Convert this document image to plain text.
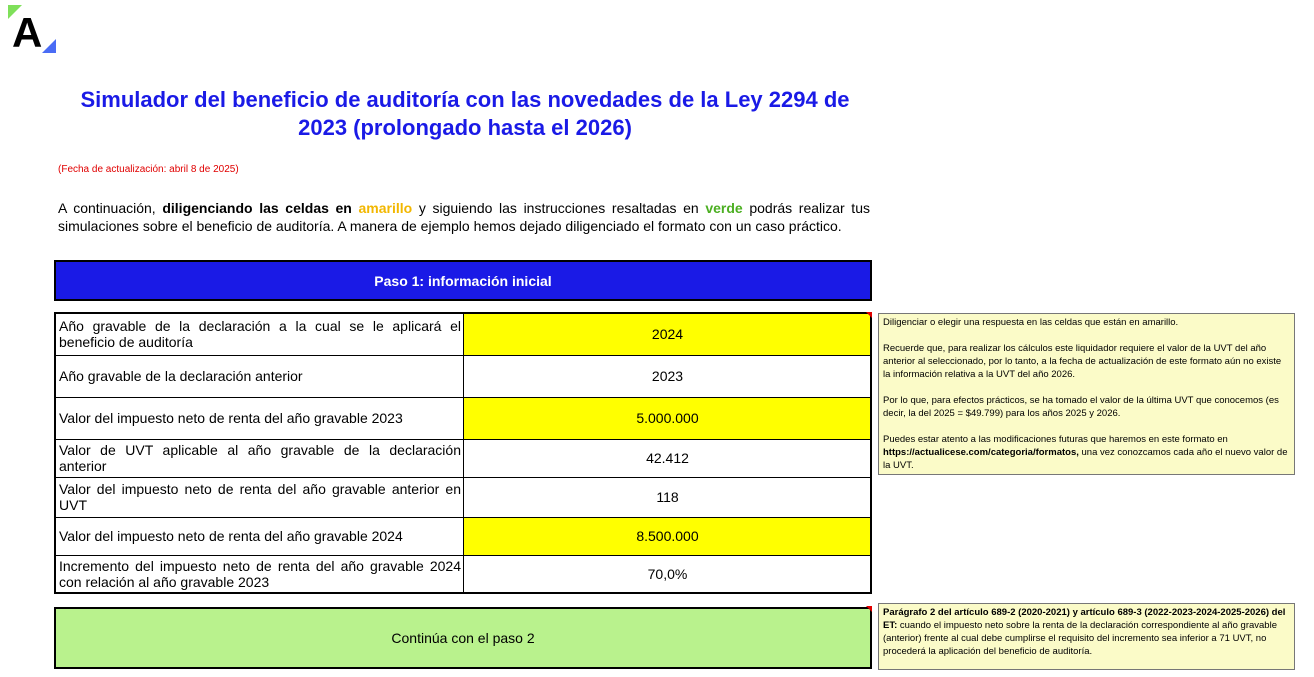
A
Simulador del beneficio de auditoría con las novedades de la Ley 2294 de 2023 (prolongado hasta el 2026)
(Fecha de actualización: abril 8 de 2025)
A continuación, diligenciando las celdas en amarillo y siguiendo las instrucciones resaltadas en verde podrás realizar tus simulaciones sobre el beneficio de auditoría. A manera de ejemplo hemos dejado diligenciado el formato con un caso práctico.
Paso 1: información inicial
Año gravable de la declaración a la cual se le aplicará el beneficio de auditoría	2024
Año gravable de la declaración anterior	2023
Valor del impuesto neto de renta del año gravable 2023	5.000.000
Valor de UVT aplicable al año gravable de la declaración anterior	42.412
Valor del impuesto neto de renta del año gravable anterior en UVT	118
Valor del impuesto neto de renta del año gravable 2024	8.500.000
Incremento del impuesto neto de renta del año gravable 2024 con relación al año gravable 2023	70,0%
Continúa con el paso 2

Diligenciar o elegir una respuesta en las celdas que están en amarillo.

Recuerde que, para realizar los cálculos este liquidador requiere el valor de la UVT del año anterior al seleccionado, por lo tanto, a la fecha de actualización de este formato aún no existe la información relativa a la UVT del año 2026.

Por lo que, para efectos prácticos, se ha tomado el valor de la última UVT que conocemos (es decir, la del 2025 = $49.799) para los años 2025 y 2026.

Puedes estar atento a las modificaciones futuras que haremos en este formato en https://actualicese.com/categoria/formatos, una vez conozcamos cada año el nuevo valor de la UVT.

Parágrafo 2 del artículo 689-2 (2020-2021) y artículo 689-3 (2022-2023-2024-2025-2026) del ET: cuando el impuesto neto sobre la renta de la declaración correspondiente al año gravable (anterior) frente al cual debe cumplirse el requisito del incremento sea inferior a 71 UVT, no procederá la aplicación del beneficio de auditoría.
